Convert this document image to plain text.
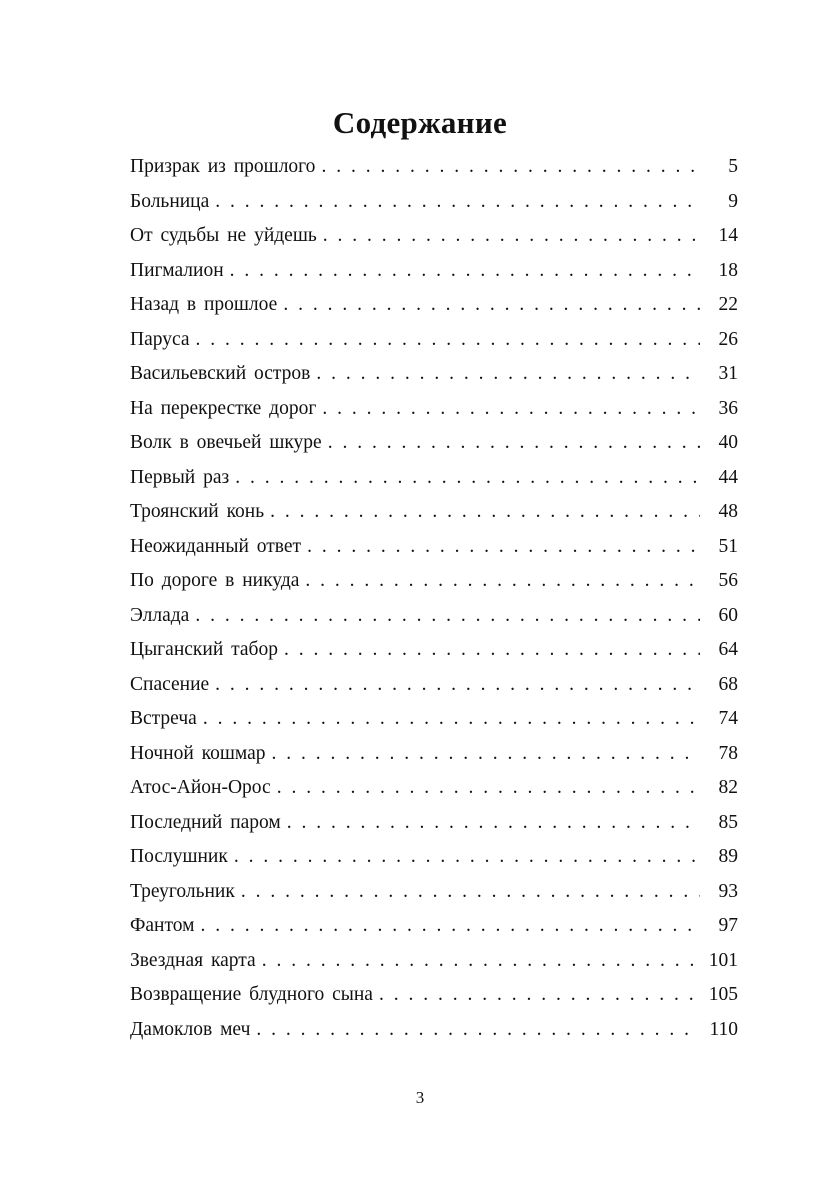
Содержание
Призрак из прошлого . . .	5
Больница . . .	9
От судьбы не уйдешь . . .	14
Пигмалион . . .	18
Назад в прошлое . . .	22
Паруса . . .	26
Васильевский остров . . .	31
На перекрестке дорог . . .	36
Волк в овечьей шкуре . . .	40
Первый раз . . .	44
Троянский конь . . .	48
Неожиданный ответ . . .	51
По дороге в никуда . . .	56
Эллада . . .	60
Цыганский табор . . .	64
Спасение . . .	68
Встреча . . .	74
Ночной кошмар . . .	78
Атос-Айон-Орос . . .	82
Последний паром . . .	85
Послушник . . .	89
Треугольник . . .	93
Фантом . . .	97
Звездная карта . . .	101
Возвращение блудного сына . . .	105
Дамоклов меч . . .	110
3
